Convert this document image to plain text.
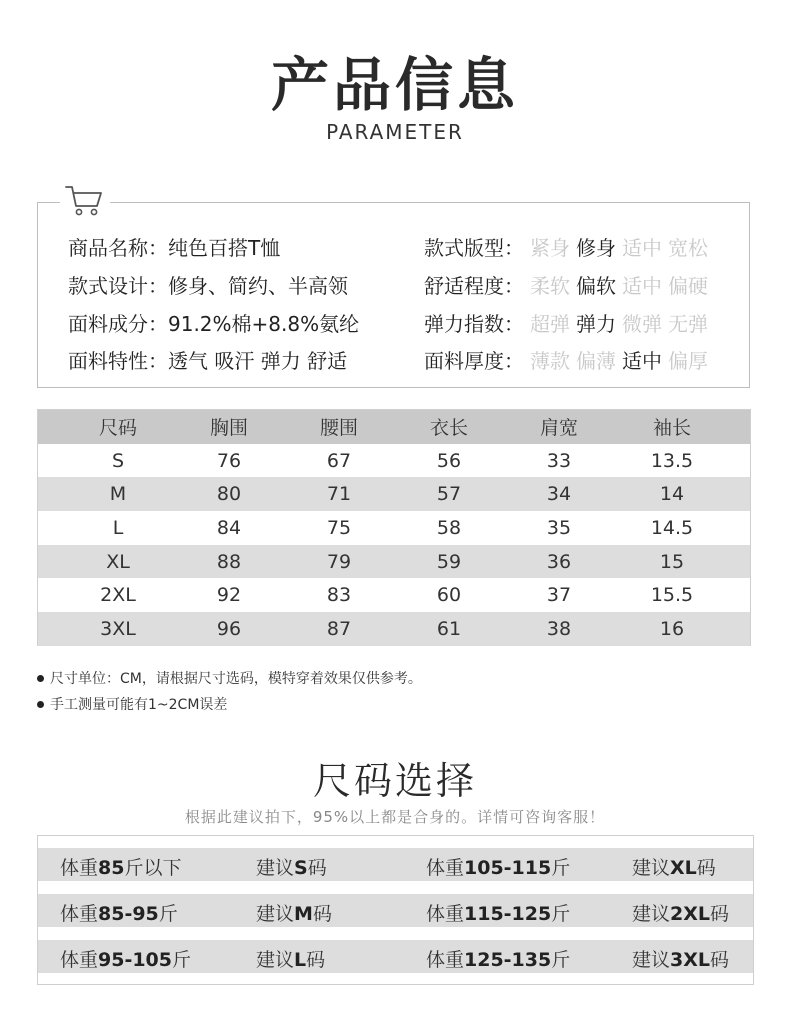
产品信息
PARAMETER
商品名称：纯色百搭T恤
款式设计：修身、简约、半高领
面料成分：91.2%棉+8.8%氨纶
面料特性：透气 吸汗 弹力 舒适
款式版型： 紧身 修身 适中 宽松
舒适程度： 柔软 偏软 适中 偏硬
弹力指数： 超弹 弹力 微弹 无弹
面料厚度： 薄款 偏薄 适中 偏厚
尺码	胸围	腰围	衣长	肩宽	袖长
S	76	67	56	33	13.5
M	80	71	57	34	14
L	84	75	58	35	14.5
XL	88	79	59	36	15
2XL	92	83	60	37	15.5
3XL	96	87	61	38	16
尺寸单位：CM，请根据尺寸选码，模特穿着效果仅供参考。
手工测量可能有1~2CM误差
尺码选择
根据此建议拍下，95%以上都是合身的。详情可咨询客服！
体重85斤以下	建议S码	体重105-115斤	建议XL码
体重85-95斤	建议M码	体重115-125斤	建议2XL码
体重95-105斤	建议L码	体重125-135斤	建议3XL码
